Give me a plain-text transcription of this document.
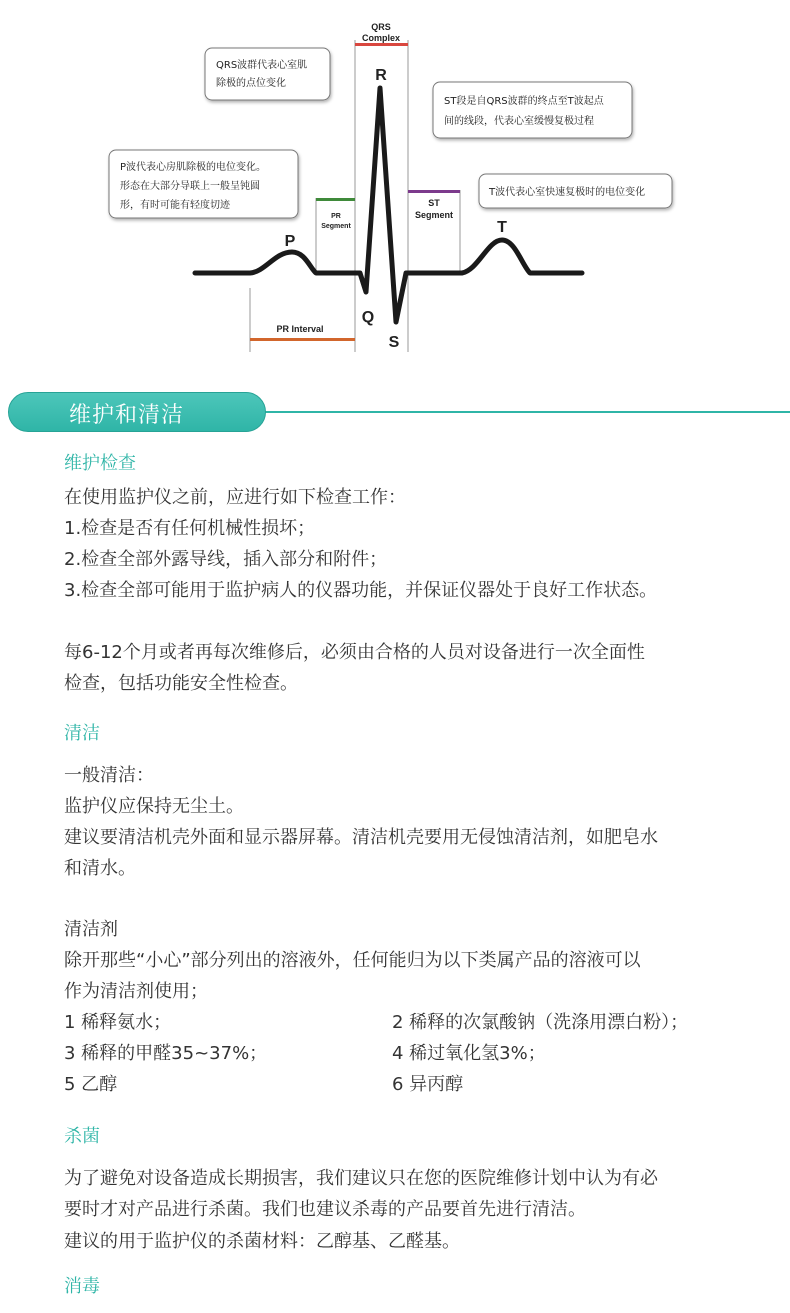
QRS
Complex
PR
Segment
ST
Segment
PR Interval
R
P
T
Q
S
QRS波群代表心室肌
除极的点位变化
ST段是自QRS波群的终点至T波起点
间的线段，代表心室缓慢复极过程
P波代表心房肌除极的电位变化。
形态在大部分导联上一般呈钝圆
形，有时可能有轻度切迹
T波代表心室快速复极时的电位变化
维护和清洁
维护检查
在使用监护仪之前，应进行如下检查工作：
1.检查是否有任何机械性损坏；
2.检查全部外露导线，插入部分和附件；
3.检查全部可能用于监护病人的仪器功能，并保证仪器处于良好工作状态。
每6-12个月或者再每次维修后，必须由合格的人员对设备进行一次全面性
检查，包括功能安全性检查。
清洁
一般清洁：
监护仪应保持无尘土。
建议要清洁机壳外面和显示器屏幕。清洁机壳要用无侵蚀清洁剂，如肥皂水
和清水。
清洁剂
除开那些“小心”部分列出的溶液外，任何能归为以下类属产品的溶液可以
作为清洁剂使用；
1 稀释氨水；	2 稀释的次氯酸钠（洗涤用漂白粉）；
3 稀释的甲醛35~37%；	4 稀过氧化氢3%；
5 乙醇	6 异丙醇
杀菌
为了避免对设备造成长期损害，我们建议只在您的医院维修计划中认为有必
要时才对产品进行杀菌。我们也建议杀毒的产品要首先进行清洁。
建议的用于监护仪的杀菌材料：乙醇基、乙醛基。
消毒
